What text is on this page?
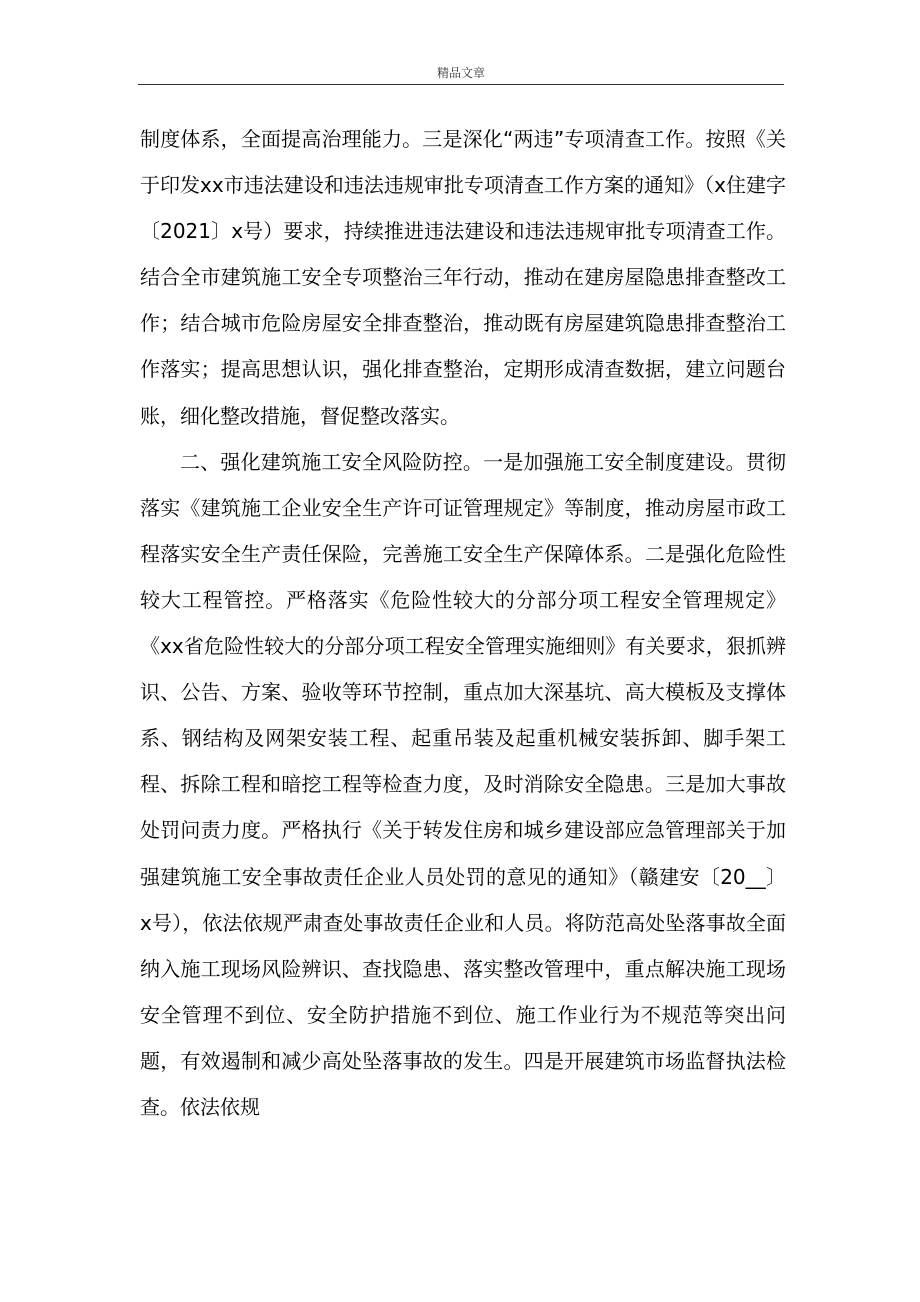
精品文章

制度体系，全面提高治理能力。三是深化“两违”专项清查工作。按照《关于印发xx市违法建设和违法违规审批专项清查工作方案的通知》（x住建字〔2021〕x号）要求，持续推进违法建设和违法违规审批专项清查工作。结合全市建筑施工安全专项整治三年行动，推动在建房屋隐患排查整改工作；结合城市危险房屋安全排查整治，推动既有房屋建筑隐患排查整治工作落实；提高思想认识，强化排查整治，定期形成清查数据，建立问题台账，细化整改措施，督促整改落实。

二、强化建筑施工安全风险防控。一是加强施工安全制度建设。贯彻落实《建筑施工企业安全生产许可证管理规定》等制度，推动房屋市政工程落实安全生产责任保险，完善施工安全生产保障体系。二是强化危险性较大工程管控。严格落实《危险性较大的分部分项工程安全管理规定》《xx省危险性较大的分部分项工程安全管理实施细则》有关要求，狠抓辨识、公告、方案、验收等环节控制，重点加大深基坑、高大模板及支撑体系、钢结构及网架安装工程、起重吊装及起重机械安装拆卸、脚手架工程、拆除工程和暗挖工程等检查力度，及时消除安全隐患。三是加大事故处罚问责力度。严格执行《关于转发住房和城乡建设部应急管理部关于加强建筑施工安全事故责任企业人员处罚的意见的通知》（赣建安〔20__〕x号），依法依规严肃查处事故责任企业和人员。将防范高处坠落事故全面纳入施工现场风险辨识、查找隐患、落实整改管理中，重点解决施工现场安全管理不到位、安全防护措施不到位、施工作业行为不规范等突出问题，有效遏制和减少高处坠落事故的发生。四是开展建筑市场监督执法检查。依法依规
